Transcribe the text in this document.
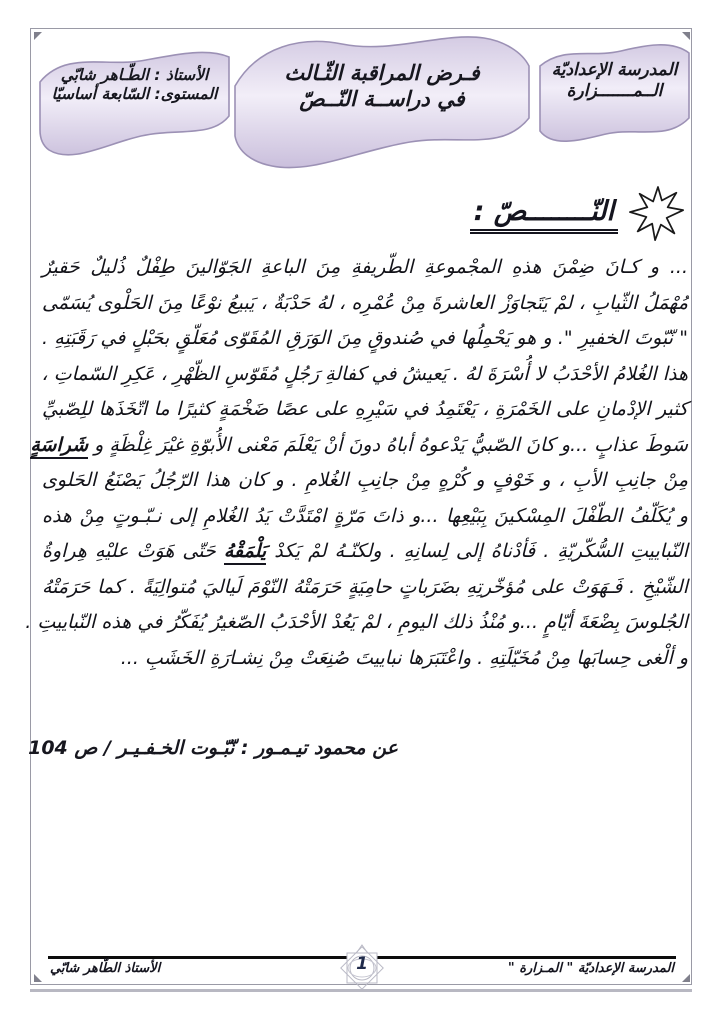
المدرسة الإعداديّة
الــمـــــــزارة
فـرض المراقبة الثّـالث
في دراســة النّــصّ
الأستاذ : الطّـاهر شابّي
المستوى: السّابعة أساسيّا
النّــــــــصّ :
... و كـانَ ضِمْنَ هذهِ المجْموعةِ الطّريفةِ مِنَ الباعةِ الجَوّالينَ طِفْلٌ ذُليلٌ حَقيرٌ
مُهْمَلُ الثّيابِ ، لمْ يَتَجاوَزْ العاشرةَ مِنْ عُمْرِه ، لهُ حَدْبَةٌ ، يَبيعُ نوْعًا مِنَ الحَلْوى يُسَمّى
" نّبّوتَ الخفيرِ ". و هو يَحْمِلُها في صُندوقٍ مِنَ الوَرَقِ المُقَوّى مُعَلّقٍ بحَبْلٍ في رَقَبَتِهِ .
هذا الغُلامُ الأحْدَبُ لا أُسْرَةَ لهُ . يَعيشُ في كفالةِ رَجُلٍ مُقَوّسِ الظّهْرِ ، عَكِرِ السّماتِ ،
كثير الإدْمانِ على الخَمْرَةِ ، يَعْتَمِدُ في سَيْرِهِ على عصًا ضَخْمَةٍ كثيرًا ما اتّخَذَها للِصّبيِّ
سَوطَ عذابٍ ...و كانَ الصّبيُّ يَدْعوهُ أباهُ دونَ أنْ يَعْلَمَ مَعْنى الأُبوّةِ غيْرَ غِلْظَةٍ و شَراسَةٍ
مِنْ جانِبِ الأبِ ، و خَوْفٍ و كُرْهٍ مِنْ جانِبِ الغُلامِ . و كان هذا الرّجُلُ يَصْنَعُ الحَلوى
و يُكَلّفُ الطّفْلَ المِسْكينَ بِبَيْعِها ...و ذاتَ مَرّةٍ امْتَدَّتْ يَدُ الغُلامِ إلى نـبّـوتٍ مِنْ هذه
النّباييتِ السُّكّريّةِ . فَأدْناهُ إلى لِسانِهِ . ولكنّـهُ لمْ يَكدْ يَلْمَقْهُ حَتّى هَوَتْ عليْهِ هِراوةُ
الشّيْخِ . فَـهَوَتْ على مُؤخّرتِهِ بضَرَباتٍ حامِيَةٍ حَرَمَتْهُ النّوْمَ لَياليَ مُتوالِيَةً . كما حَرَمَتْهُ
الجُلوسَ بِضْعَةَ أيّامٍ ...و مُنْذُ ذلك اليومِ ، لمْ يَعُدْ الأحْدَبُ الصّغيرُ يُفَكّرُ في هذه النّباييتِ .
و ألْغى حِسابَها مِنْ مُخَيّلَتِهِ . واعْتَبَرَها نباييتَ صُنِعَتْ مِنْ نِشـارَةِ الخَشَبِ ...
عن محمود تيـمـور : نّبّـوت الخـفـيـر / ص 104
الأستاذ الطّاهر شابّي	المدرسة الإعداديّة " المـزارة "
1
